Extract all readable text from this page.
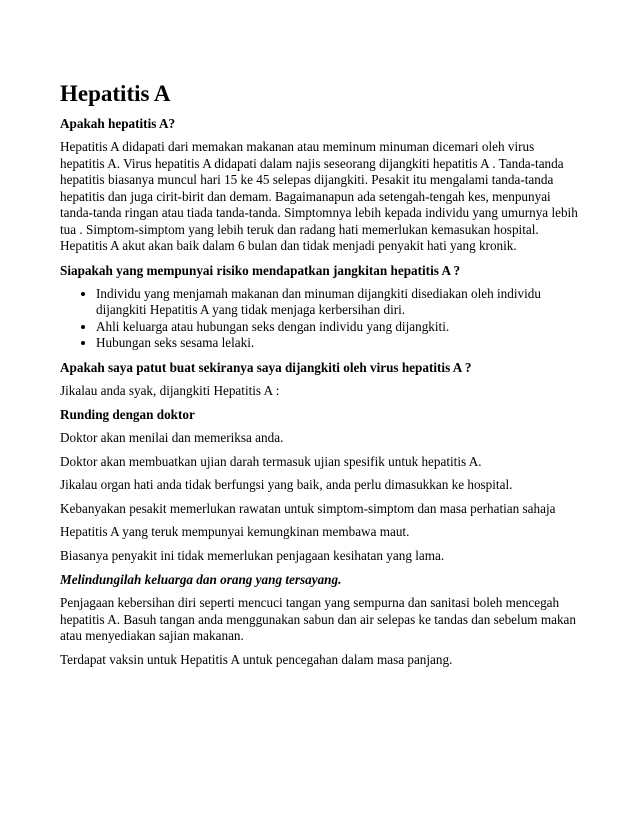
Hepatitis A
Apakah hepatitis A?

Hepatitis A didapati dari memakan makanan atau meminum minuman dicemari oleh virus hepatitis A. Virus hepatitis A didapati dalam najis seseorang dijangkiti hepatitis A . Tanda-tanda hepatitis biasanya muncul hari 15 ke 45 selepas dijangkiti. Pesakit itu mengalami tanda-tanda hepatitis dan juga cirit-birit dan demam. Bagaimanapun ada setengah-tengah kes, menpunyai tanda-tanda ringan atau tiada tanda-tanda. Simptomnya lebih kepada individu yang umurnya lebih tua . Simptom-simptom yang lebih teruk dan radang hati memerlukan kemasukan hospital. Hepatitis A akut akan baik dalam 6 bulan dan tidak menjadi penyakit hati yang kronik.

Siapakah yang mempunyai risiko mendapatkan jangkitan hepatitis A ?
• Individu yang menjamah makanan dan minuman dijangkiti disediakan oleh individu dijangkiti Hepatitis A yang tidak menjaga kerbersihan diri.
• Ahli keluarga atau hubungan seks dengan individu yang dijangkiti.
• Hubungan seks sesama lelaki.
Apakah saya patut buat sekiranya saya dijangkiti oleh virus hepatitis A ?

Jikalau anda syak, dijangkiti Hepatitis A :

Runding dengan doktor

Doktor akan menilai dan memeriksa anda.

Doktor akan membuatkan ujian darah termasuk ujian spesifik untuk hepatitis A.

Jikalau organ hati anda tidak berfungsi yang baik, anda perlu dimasukkan ke hospital.

Kebanyakan pesakit memerlukan rawatan untuk simptom-simptom dan masa perhatian sahaja

Hepatitis A yang teruk mempunyai kemungkinan membawa maut.

Biasanya penyakit ini tidak memerlukan penjagaan kesihatan yang lama.

Melindungilah keluarga dan orang yang tersayang.

Penjagaan kebersihan diri seperti mencuci tangan yang sempurna dan sanitasi boleh mencegah hepatitis A. Basuh tangan anda menggunakan sabun dan air selepas ke tandas dan sebelum makan atau menyediakan sajian makanan.

Terdapat vaksin untuk Hepatitis A untuk pencegahan dalam masa panjang.
